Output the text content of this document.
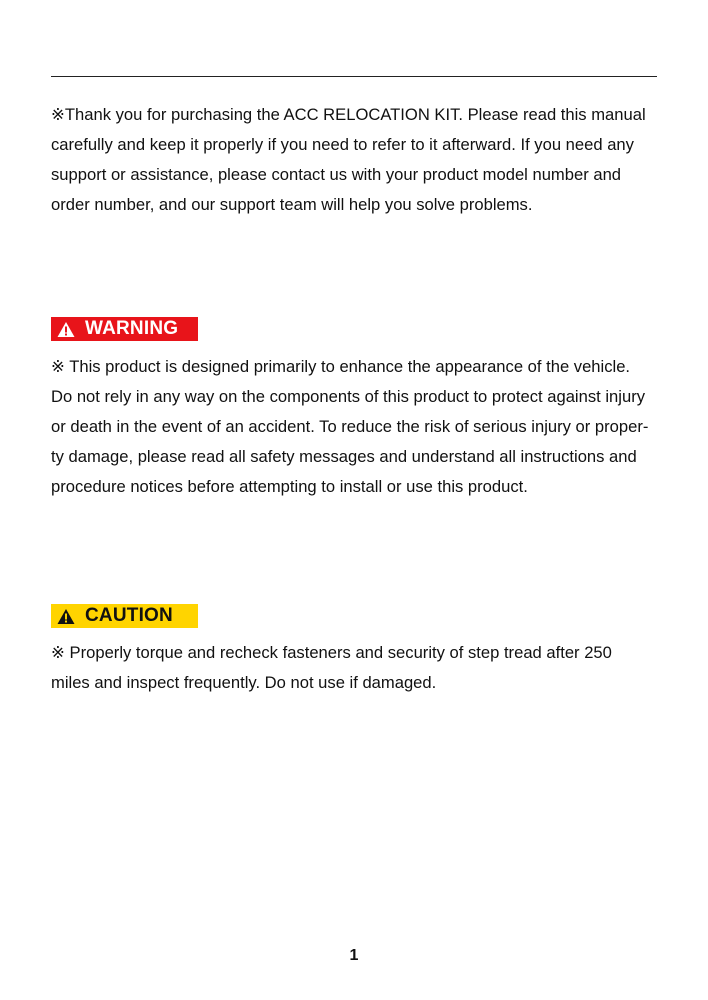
※Thank you for purchasing the ACC RELOCATION KIT. Please read this manual
carefully and keep it properly if you need to refer to it afterward. If you need any
support or assistance, please contact us with your product model number and
order number, and our support team will help you solve problems.

WARNING

※ This product is designed primarily to enhance the appearance of the vehicle.
Do not rely in any way on the components of this product to protect against injury
or death in the event of an accident. To reduce the risk of serious injury or proper-
ty damage, please read all safety messages and understand all instructions and
procedure notices before attempting to install or use this product.

CAUTION

※ Properly torque and recheck fasteners and security of step tread after 250
miles and inspect frequently. Do not use if damaged.

1
